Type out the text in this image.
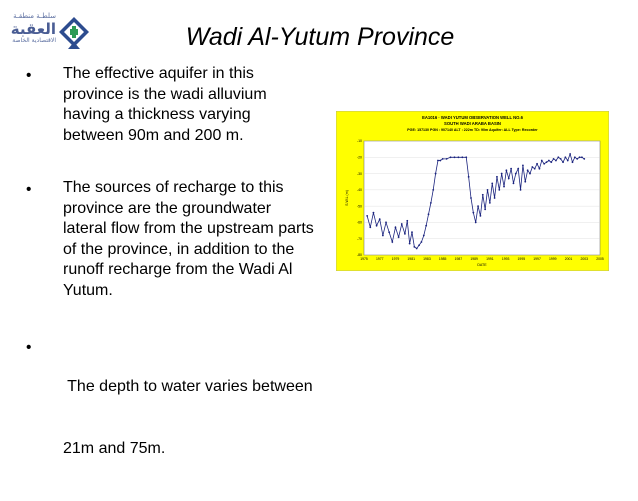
سلطـة منطقـة
العقبة
الاقتصادية الخاصة	Wadi Al-Yutum Province
• The effective aquifer in this
province is the wadi alluvium
having a thickness varying
between 90m and 200 m.
• The sources of recharge to this
province are the groundwater
lateral flow from the upstream parts
of the province, in addition to the
runoff recharge from the Wadi Al
Yutum.
•

The depth to water varies between

21m and 75m.

EA1016 · WADI YUTUM OBSERVATION WELL NO.6
SOUTH WADI ARABA BASIN
PGE: 157130 PGN : 907140 ALT : 222m TD: 90m Aquifer: ALL Type: Recorder
-10
-20
-30
-40
-50
-60
-70
-80
1975 1977 1979 1981 1983 1985 1987 1989 1991 1993 1995 1997 1999 2001 2003 2005
DATE
S.W.L (m)
